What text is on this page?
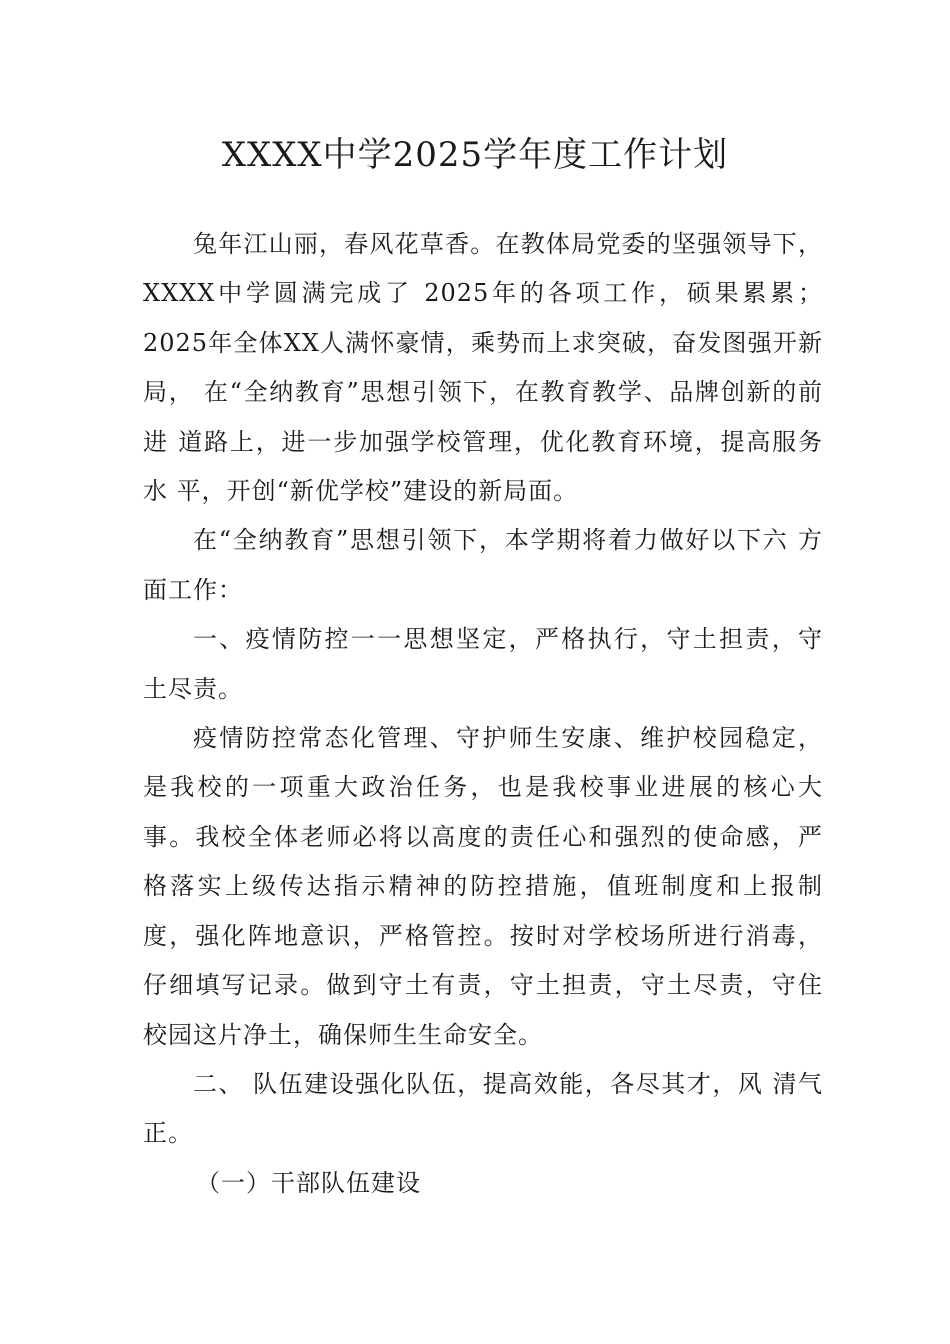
XXXX中学2025学年度工作计划

兔年江山丽，春风花草香。在教体局党委的坚强领导下，XXXX中学圆满完成了 2025年的各项工作，硕果累累；2025年全体XX人满怀豪情，乘势而上求突破，奋发图强开新局， 在“全纳教育”思想引领下，在教育教学、品牌创新的前进 道路上，进一步加强学校管理，优化教育环境，提高服务水 平，开创“新优学校”建设的新局面。

在“全纳教育”思想引领下，本学期将着力做好以下六 方面工作：

一、疫情防控一一思想坚定，严格执行，守土担责，守 土尽责。

疫情防控常态化管理、守护师生安康、维护校园稳定， 是我校的一项重大政治任务，也是我校事业进展的核心大 事。我校全体老师必将以高度的责任心和强烈的使命感，严 格落实上级传达指示精神的防控措施，值班制度和上报制 度，强化阵地意识，严格管控。按时对学校场所进行消毒， 仔细填写记录。做到守土有责，守土担责，守土尽责，守住 校园这片净土，确保师生生命安全。

二、 队伍建设强化队伍，提高效能，各尽其才，风 清气正。

（一）干部队伍建设
